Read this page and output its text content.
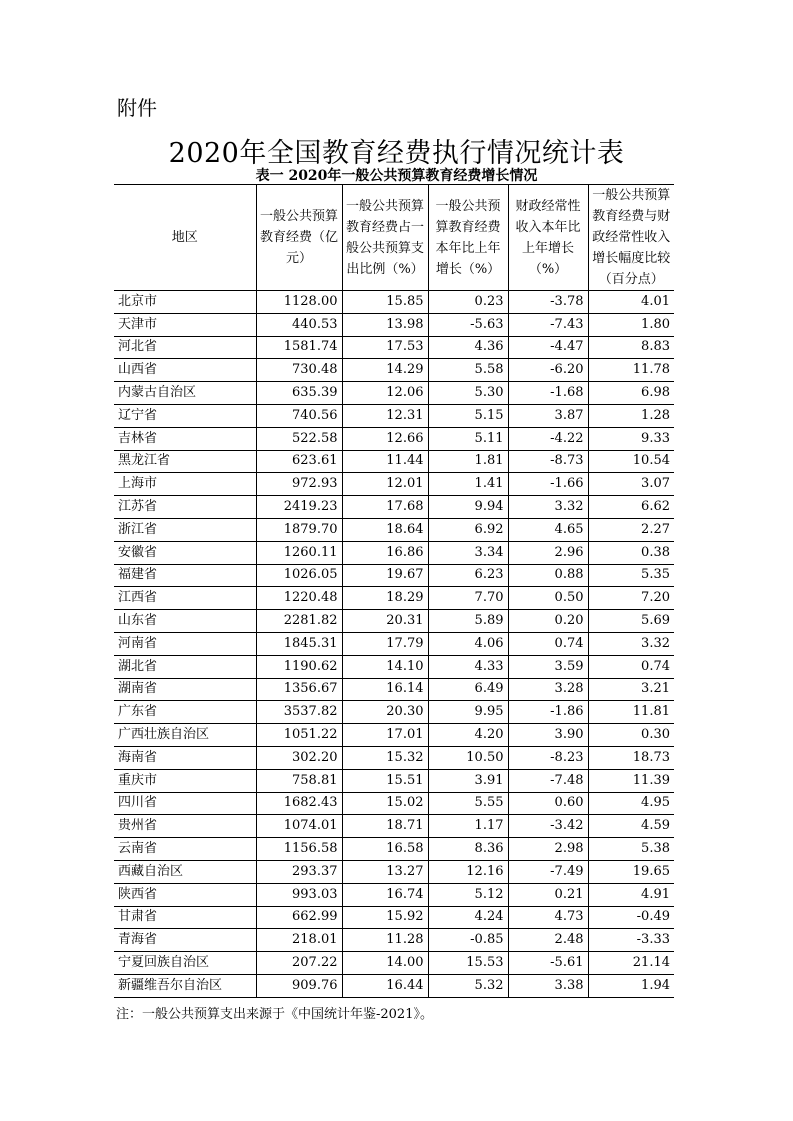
附件
2020年全国教育经费执行情况统计表
表一 2020年一般公共预算教育经费增长情况
地区	一般公共预算教育经费（亿元）	一般公共预算教育经费占一般公共预算支出比例（%）	一般公共预算教育经费本年比上年增长（%）	财政经常性收入本年比上年增长（%）	一般公共预算教育经费与财政经常性收入增长幅度比较（百分点）
北京市	1128.00	15.85	0.23	-3.78	4.01
天津市	440.53	13.98	-5.63	-7.43	1.80
河北省	1581.74	17.53	4.36	-4.47	8.83
山西省	730.48	14.29	5.58	-6.20	11.78
内蒙古自治区	635.39	12.06	5.30	-1.68	6.98
辽宁省	740.56	12.31	5.15	3.87	1.28
吉林省	522.58	12.66	5.11	-4.22	9.33
黑龙江省	623.61	11.44	1.81	-8.73	10.54
上海市	972.93	12.01	1.41	-1.66	3.07
江苏省	2419.23	17.68	9.94	3.32	6.62
浙江省	1879.70	18.64	6.92	4.65	2.27
安徽省	1260.11	16.86	3.34	2.96	0.38
福建省	1026.05	19.67	6.23	0.88	5.35
江西省	1220.48	18.29	7.70	0.50	7.20
山东省	2281.82	20.31	5.89	0.20	5.69
河南省	1845.31	17.79	4.06	0.74	3.32
湖北省	1190.62	14.10	4.33	3.59	0.74
湖南省	1356.67	16.14	6.49	3.28	3.21
广东省	3537.82	20.30	9.95	-1.86	11.81
广西壮族自治区	1051.22	17.01	4.20	3.90	0.30
海南省	302.20	15.32	10.50	-8.23	18.73
重庆市	758.81	15.51	3.91	-7.48	11.39
四川省	1682.43	15.02	5.55	0.60	4.95
贵州省	1074.01	18.71	1.17	-3.42	4.59
云南省	1156.58	16.58	8.36	2.98	5.38
西藏自治区	293.37	13.27	12.16	-7.49	19.65
陕西省	993.03	16.74	5.12	0.21	4.91
甘肃省	662.99	15.92	4.24	4.73	-0.49
青海省	218.01	11.28	-0.85	2.48	-3.33
宁夏回族自治区	207.22	14.00	15.53	-5.61	21.14
新疆维吾尔自治区	909.76	16.44	5.32	3.38	1.94
注：一般公共预算支出来源于《中国统计年鉴-2021》。
